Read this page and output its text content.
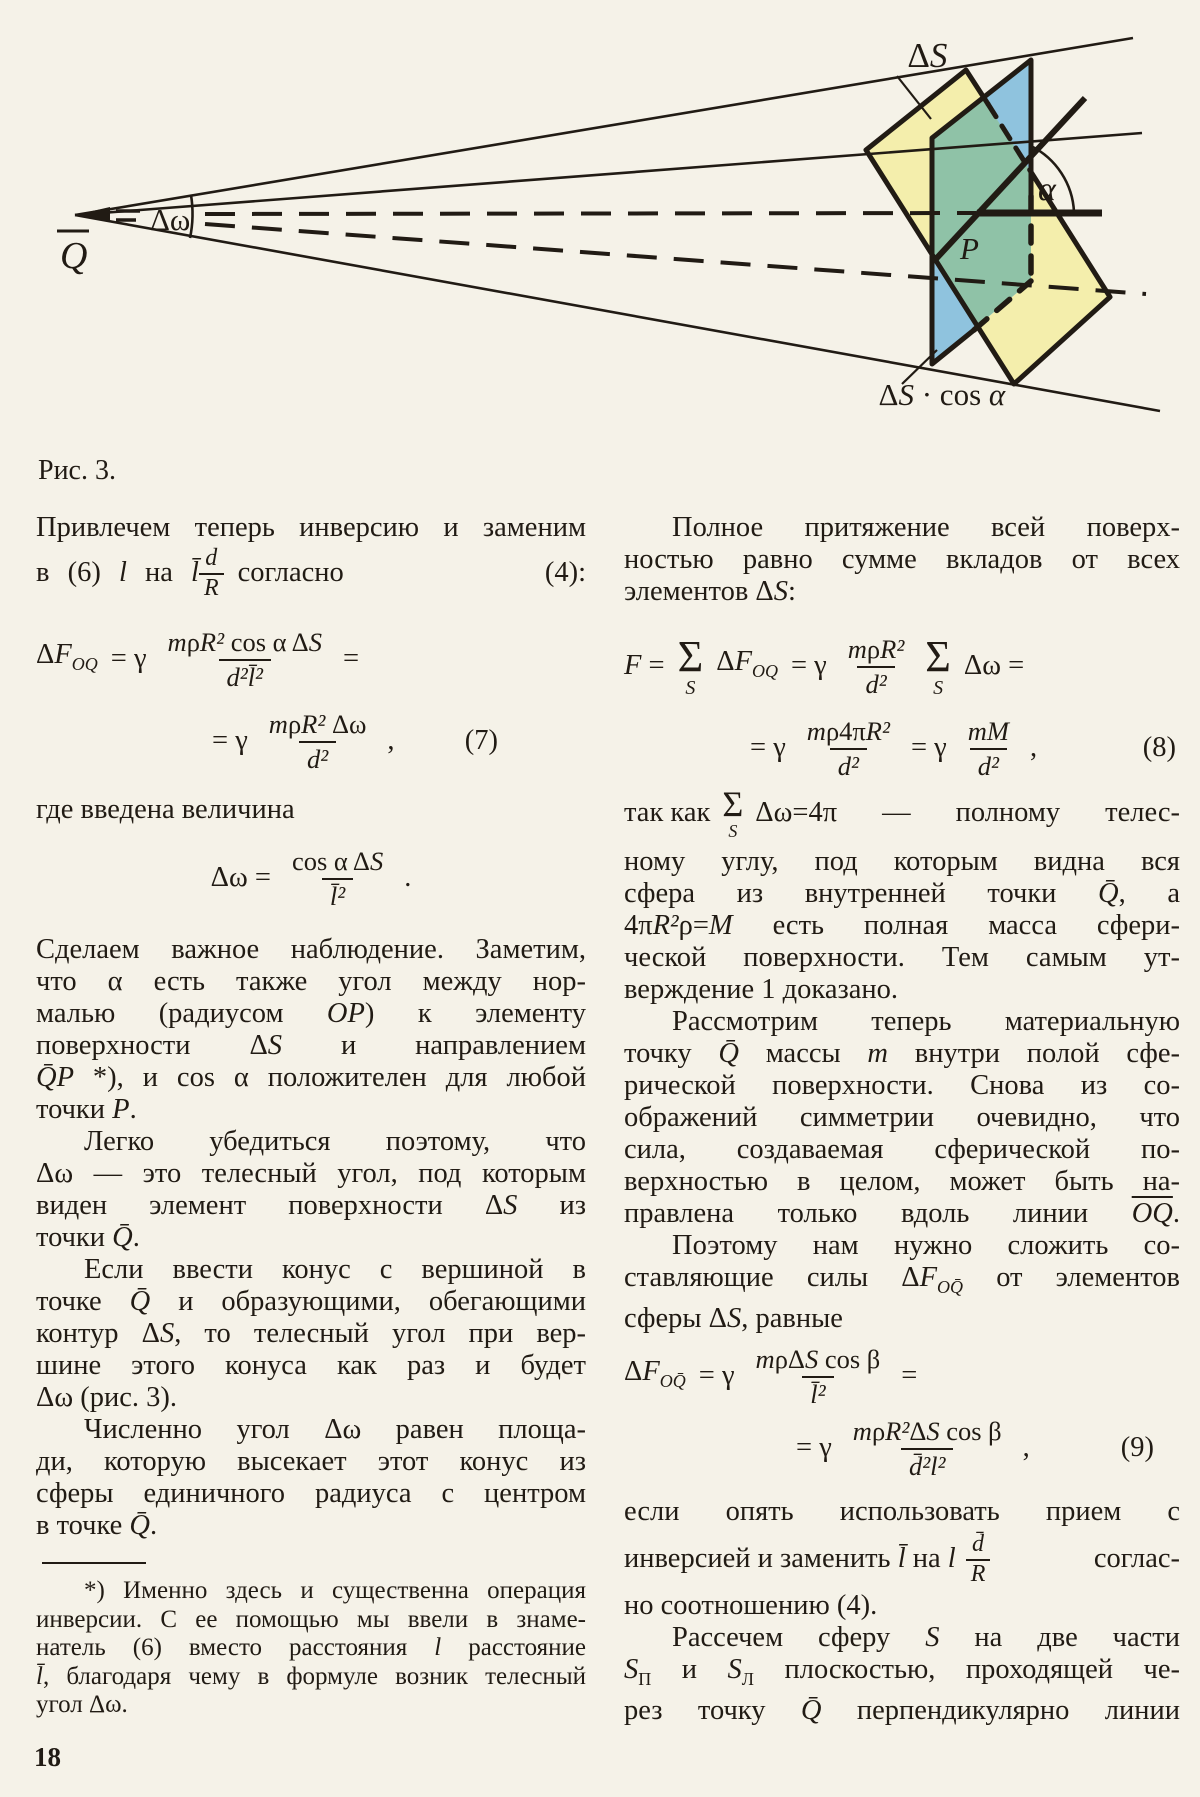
ΔS
ΔS · cos α
Δω
α
P
Q
Рис. 3.
Привлечем теперь инверсию и заменим
в (6) l на l̄ $\frac{d}{R}$ согласно (4):
$\Delta F_{OQ} = \gamma \frac{\text{mρR² cos α ΔS}}{\text{d²l̄²}}$ =
= γ $\frac{\text{mρR² Δω}}{\text{d²}}$ , (7)
где введена величина
$\Delta\omega = \frac{\text{cos α ΔS}}{\text{l̄²}}$ .
Сделаем важное наблюдение. Заметим,
что α есть также угол между нор-
малью (радиусом OP) к элементу
поверхности ΔS и направлением
Q̄P *), и cos α положителен для любой
точки P.
Легко убедиться поэтому, что
Δω — это телесный угол, под которым
виден элемент поверхности ΔS из
точки Q̄.
Если ввести конус с вершиной в
точке Q̄ и образующими, обегающими
контур ΔS, то телесный угол при вер-
шине этого конуса как раз и будет
Δω (рис. 3).
Численно угол Δω равен площа-
ди, которую высекает этот конус из
сферы единичного радиуса с центром
в точке Q̄.
*) Именно здесь и существенна операция
инверсии. С ее помощью мы ввели в знаме-
натель (6) вместо расстояния l расстояние
l̄, благодаря чему в формуле возник телесный
угол Δω.
Полное притяжение всей поверх-
ностью равно сумме вкладов от всех
элементов ΔS:
F = Σ
S
$\Delta F_{OQ} = \gamma \frac{\text{mρR²}}{\text{d²}}$ Σ
S
Δω =
= γ $\frac{\text{mρ4πR²}}{\text{d²}} = \gamma \frac{mM}{\text{d²}}$ ,	(8)
так как Σ
S
Δω=4π — полному телес-
ному углу, под которым видна вся
сфера из внутренней точки Q̄, а
4πR²ρ=M есть полная масса сфери-
ческой поверхности. Тем самым ут-
верждение 1 доказано.
Рассмотрим теперь материальную
точку Q̄ массы m внутри полой сфе-
рической поверхности. Снова из со-
ображений симметрии очевидно, что
сила, создаваемая сферической по-
верхностью в целом, может быть на-
правлена только вдоль линии $\overline{OQ}$.
Поэтому нам нужно сложить со-
ставляющие силы $\Delta F_{OQ̄}$ от элементов
сферы ΔS, равные
$\Delta F_{OQ̄} = \gamma \frac{\text{mρΔS cos β}}{\text{l̄²}}$ =
= γ $\frac{\text{mρR²ΔS cos β}}{\text{d̄²l²}}$ ,	(9)
если опять использовать прием с
инверсией и заменить l̄ на l $\frac{d̄}{R}$	соглас-
но соотношению (4).
Рассечем сферу S на две части
$S_П$ и $S_Л$ плоскостью, проходящей че-
рез точку Q̄ перпендикулярно линии
18
